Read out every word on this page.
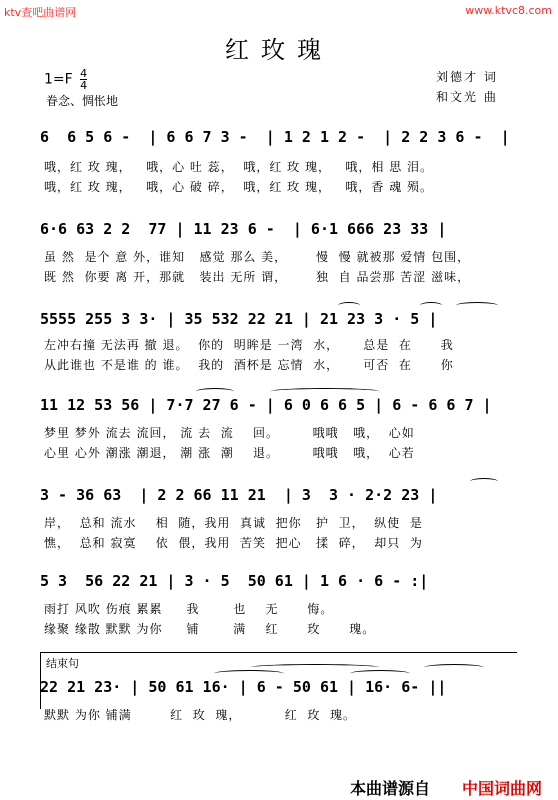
ktv查吧曲谱网	www.ktvc8.com
红玫瑰
$1=F \frac{4}{4}$
眷念、惆怅地
刘德才 词
和文光 曲
6  6 5 6 -  | 6 6 7 3 -  | 1 2 1 2 -  | 2 2 3 6 -  |
哦，红 玫 瑰，   哦，心 吐 蕊，  哦，红 玫 瑰，   哦，相 思 泪。
哦，红 玫 瑰，   哦，心 破 碎，  哦，红 玫 瑰，   哦，香 魂 殒。
6·6 63 2 2  77 | 11 23 6 -  | 6·1 666 23 33 |
虽 然  是个 意 外，谁知   感觉 那么 美，      慢  慢 就被那 爱情 包围，
既 然  你要 离 开，那就   装出 无所 谓，      独  自 品尝那 苦涩 滋味，
5555 255 3 3· | 35 532 22 21 | 21 23 3 · 5 |
左冲右撞 无法再 撤 退。  你的  明眸是 一湾  水，     总是  在      我
从此谁也 不是谁 的 谁。  我的  酒杯是 忘情  水，     可否  在      你
11 12 53 56 | 7·7 27 6 - | 6 0 6 6 5 | 6 - 6 6 7 |
梦里 梦外 流去 流回， 流 去  流    回。       哦哦   哦，  心如
心里 心外 潮涨 潮退， 潮 涨  潮    退。       哦哦   哦，  心若
3 - 36 63  | 2 2 66 11 21  | 3  3 · 2·2 23 |
岸，  总和 流水    相  随，我用  真诚  把你   护  卫，  纵使  是
憔，  总和 寂寞    依  偎，我用  苦笑  把心   揉  碎，  却只  为
5 3  56 22 21 | 3 · 5  50 61 | 1 6 · 6 - :|
雨打 风吹 伤痕 累累     我       也    无      悔。
缘聚 缘散 默默 为你     铺       满    红      玫      瑰。
结束句
22 21 23· | 50 61 16· | 6 - 50 61 | 16· 6- ||
默默 为你 铺满        红  玫  瑰，         红  玫  瑰。
本曲谱源自 中国词曲网
